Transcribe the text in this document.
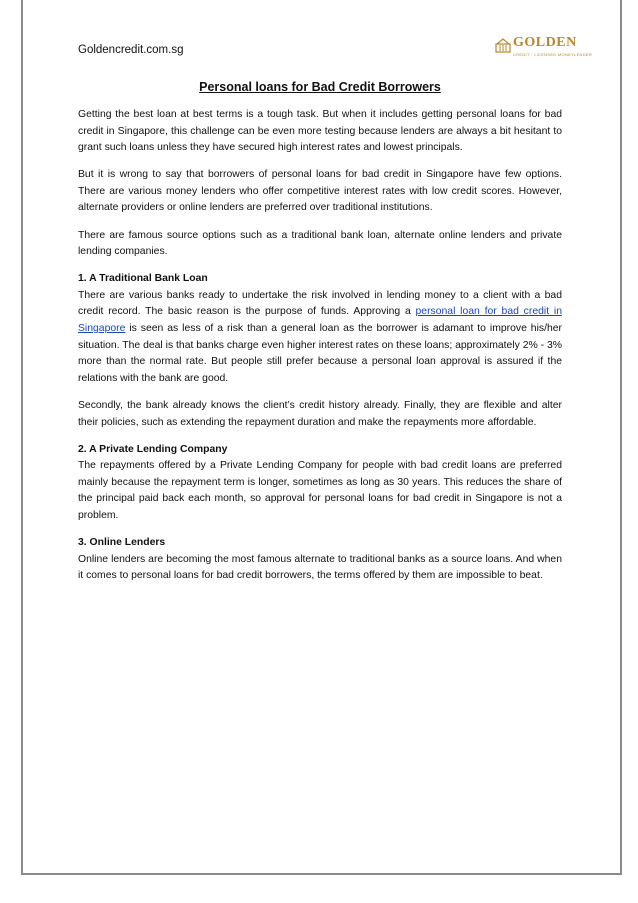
Goldencredit.com.sg	GOLDEN
CREDIT · LICENSED MONEYLENDER
Personal loans for Bad Credit Borrowers

Getting the best loan at best terms is a tough task. But when it includes getting personal loans for bad credit in Singapore, this challenge can be even more testing because lenders are always a bit hesitant to grant such loans unless they have secured high interest rates and lowest principals.

But it is wrong to say that borrowers of personal loans for bad credit in Singapore have few options. There are various money lenders who offer competitive interest rates with low credit scores. However, alternate providers or online lenders are preferred over traditional institutions.

There are famous source options such as a traditional bank loan, alternate online lenders and private lending companies.

1. A Traditional Bank Loan

There are various banks ready to undertake the risk involved in lending money to a client with a bad credit record. The basic reason is the purpose of funds. Approving a personal loan for bad credit in Singapore is seen as less of a risk than a general loan as the borrower is adamant to improve his/her situation. The deal is that banks charge even higher interest rates on these loans; approximately 2% - 3% more than the normal rate. But people still prefer because a personal loan approval is assured if the relations with the bank are good.

Secondly, the bank already knows the client’s credit history already. Finally, they are flexible and alter their policies, such as extending the repayment duration and make the repayments more affordable.

2. A Private Lending Company

The repayments offered by a Private Lending Company for people with bad credit loans are preferred mainly because the repayment term is longer, sometimes as long as 30 years. This reduces the share of the principal paid back each month, so approval for personal loans for bad credit in Singapore is not a problem.

3. Online Lenders

Online lenders are becoming the most famous alternate to traditional banks as a source loans. And when it comes to personal loans for bad credit borrowers, the terms offered by them are impossible to beat.
